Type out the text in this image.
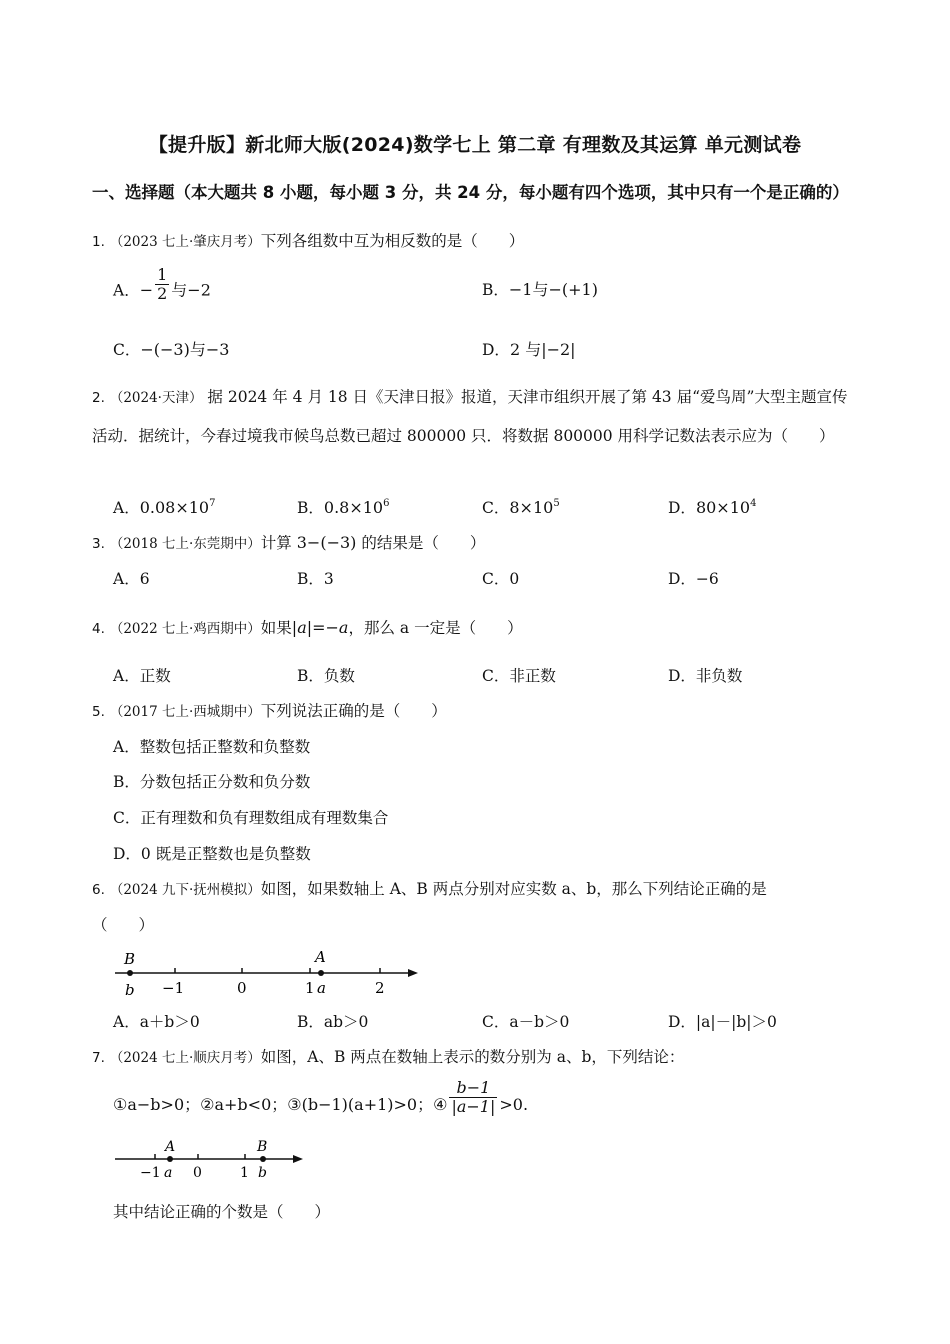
【提升版】新北师大版(2024)数学七上 第二章 有理数及其运算 单元测试卷
一、选择题（本大题共 8 小题，每小题 3 分，共 24 分，每小题有四个选项，其中只有一个是正确的）
1. （2023 七上·肇庆月考）下列各组数中互为相反数的是（　　）
A．− $\frac{1}{2}$ 与−2	B．−1与−(+1)
C．−(−3)与−3	D．2 与|−2|
2. （2024·天津） 据 2024 年 4 月 18 日《天津日报》报道，天津市组织开展了第 43 届“爱鸟周”大型主题宣传活动．据统计，今春过境我市候鸟总数已超过 800000 只．将数据 800000 用科学记数法表示应为（　　）
A．$0.08\times 10^7$	B．$0.8\times 10^6$	C．$8\times 10^5$	D．$80\times 10^4$
3. （2018 七上·东莞期中）计算 3−(−3) 的结果是（　　）
A．6	B．3	C．0	D．−6
4. （2022 七上·鸡西期中）如果|a|=−a，那么 a 一定是（　　）
A．正数	B．负数	C．非正数	D．非负数
5. （2017 七上·西城期中）下列说法正确的是（　　）
A．整数包括正整数和负整数
B．分数包括正分数和负分数
C．正有理数和负有理数组成有理数集合
D．0 既是正整数也是负整数
6. （2024 九下·抚州模拟）如图，如果数轴上 A、B 两点分别对应实数 a、b，那么下列结论正确的是
（　　）
B
b
A
a
−1	0	1	2
A．a＋b＞0	B．ab＞0	C．a－b＞0	D．|a|－|b|＞0
7. （2024 七上·顺庆月考）如图，A、B 两点在数轴上表示的数分别为 a、b，下列结论：
①a−b>0；②a+b<0；③(b−1)(a+1)>0；④ $\frac{b-1}{|a-1|} >0$.
A
a
B
b
−1 0	1
其中结论正确的个数是（　　）
